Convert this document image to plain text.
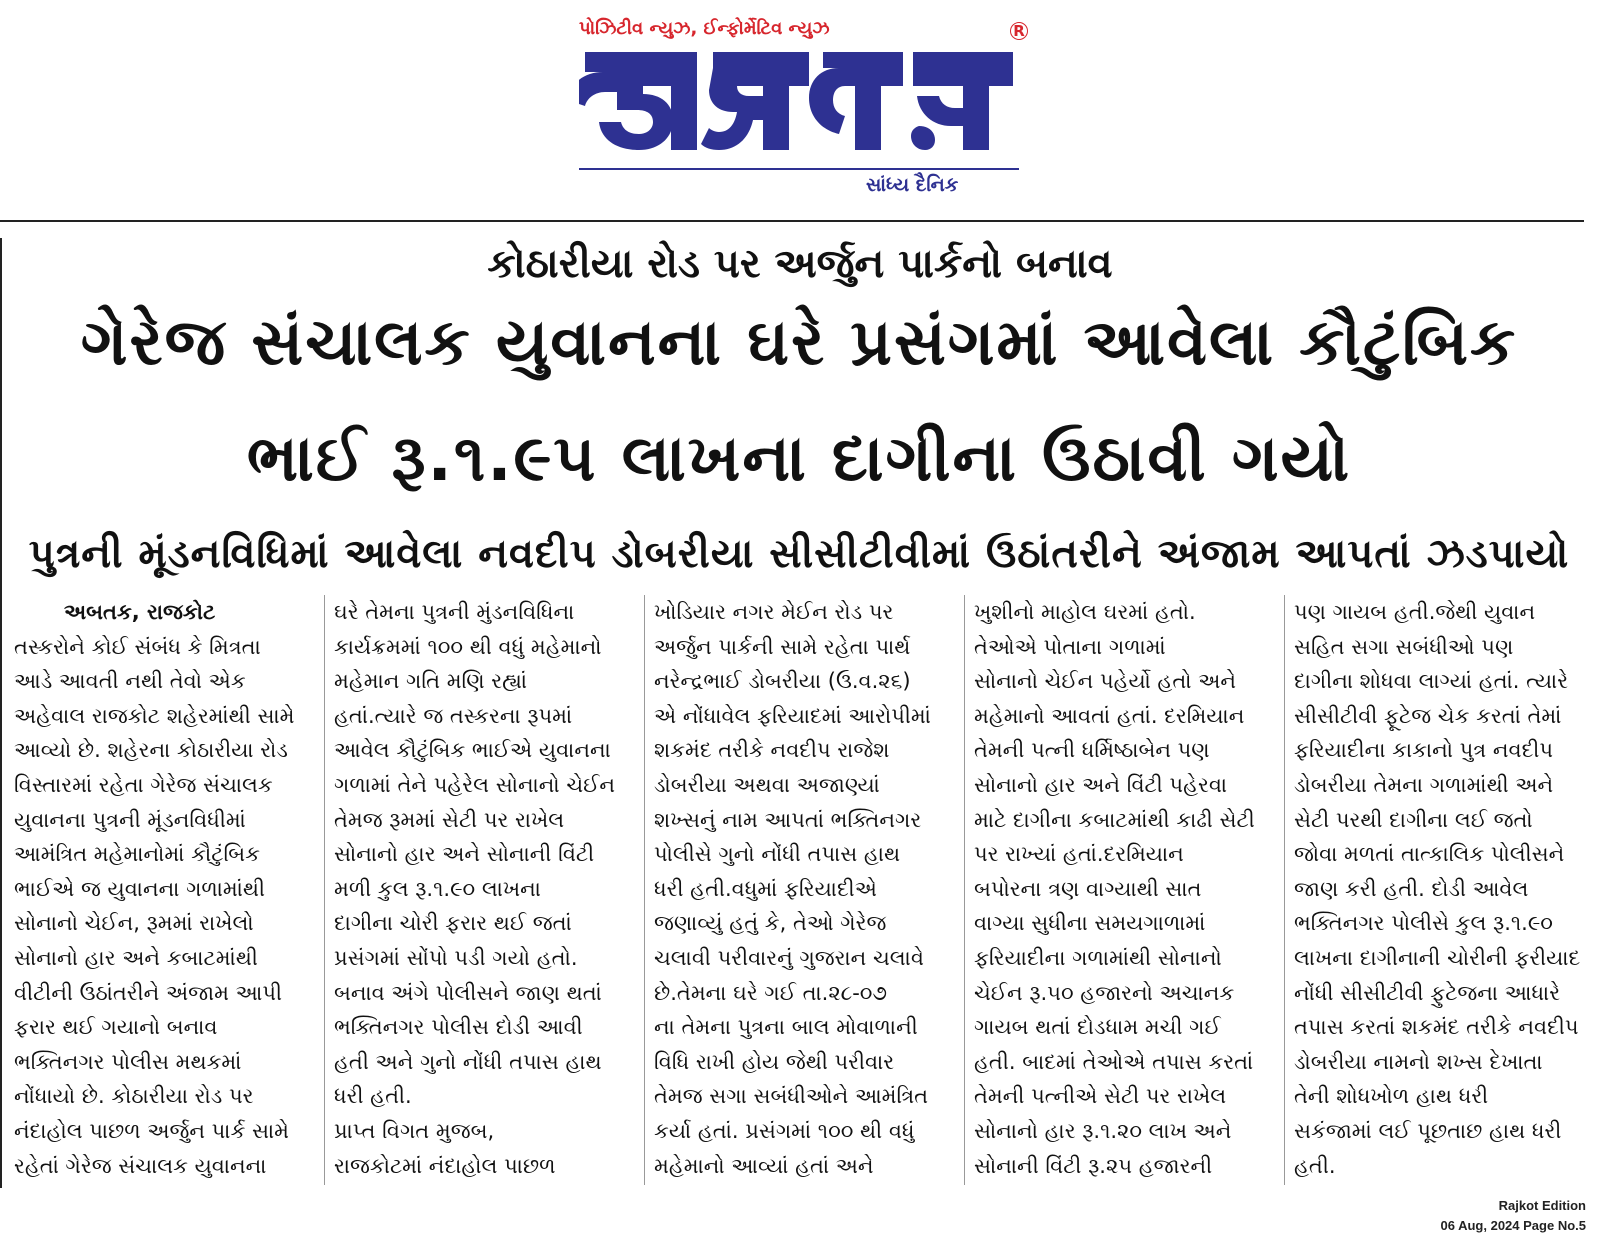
પોઝિટીવ ન્યુઝ, ઈન્ફોર્મેટિવ ન્યુઝ	R
સાંધ્ય દૈનિક
કોઠારીયા રોડ પર અર્જુન પાર્કનો બનાવ
ગેરેજ સંચાલક યુવાનના ઘરે પ્રસંગમાં આવેલા કૌટુંબિક
ભાઈ રૂ.૧.૯૫ લાખના દાગીના ઉઠાવી ગયો
પુત્રની મૂંડનવિધિમાં આવેલા નવદીપ ડોબરીયા સીસીટીવીમાં ઉઠાંતરીને અંજામ આપતાં ઝડપાયો
અબતક, રાજકોટ
તસ્કરોને કોઈ સંબંધ કે મિત્રતા
આડે આવતી નથી તેવો એક
અહેવાલ રાજકોટ શહેરમાંથી સામે
આવ્યો છે. શહેરના કોઠારીયા રોડ
વિસ્તારમાં રહેતા ગેરેજ સંચાલક
યુવાનના પુત્રની મૂંડનવિધીમાં
આમંત્રિત મહેમાનોમાં કૌટુંબિક
ભાઈએ જ યુવાનના ગળામાંથી
સોનાનો ચેઈન, રૂમમાં રાખેલો
સોનાનો હાર અને કબાટમાંથી
વીટીની ઉઠાંતરીને અંજામ આપી
ફરાર થઈ ગયાનો બનાવ
ભક્તિનગર પોલીસ મથકમાં
નોંધાયો છે. કોઠારીયા રોડ પર
નંદાહોલ પાછળ અર્જુન પાર્ક સામે
રહેતાં ગેરેજ સંચાલક યુવાનના
ઘરે તેમના પુત્રની મુંડનવિધિના
કાર્યક્રમમાં ૧૦૦ થી વધું મહેમાનો
મહેમાન ગતિ મણિ રહ્યાં
હતાં.ત્યારે જ તસ્કરના રૂપમાં
આવેલ કૌટુંબિક ભાઈએ યુવાનના
ગળામાં તેને પહેરેલ સોનાનો ચેઈન
તેમજ રૂમમાં સેટી પર રાખેલ
સોનાનો હાર અને સોનાની વિંટી
મળી કુલ રૂ.૧.૯૦ લાખના
દાગીના ચોરી ફરાર થઈ જતાં
પ્રસંગમાં સોંપો પડી ગયો હતો.
બનાવ અંગે પોલીસને જાણ થતાં
ભક્તિનગર પોલીસ દોડી આવી
હતી અને ગુનો નોંધી તપાસ હાથ
ધરી હતી.
પ્રાપ્ત વિગત મુજબ,
રાજકોટમાં નંદાહોલ પાછળ
ખોડિયાર નગર મેઈન રોડ પર
અર્જુન પાર્કની સામે રહેતા પાર્થ
નરેન્દ્રભાઈ ડોબરીયા (ઉ.વ.૨૬)
એ નોંધાવેલ ફરિયાદમાં આરોપીમાં
શકમંદ તરીકે નવદીપ રાજેશ
ડોબરીયા અથવા અજાણ્યાં
શખ્સનું નામ આપતાં ભક્તિનગર
પોલીસે ગુનો નોંધી તપાસ હાથ
ધરી હતી.વધુમાં ફરિયાદીએ
જણાવ્યું હતું કે, તેઓ ગેરેજ
ચલાવી પરીવારનું ગુજરાન ચલાવે
છે.તેમના ઘરે ગઈ તા.૨૮-૦૭
ના તેમના પુત્રના બાલ મોવાળાની
વિધિ રાખી હોય જેથી પરીવાર
તેમજ સગા સબંધીઓને આમંત્રિત
કર્યા હતાં. પ્રસંગમાં ૧૦૦ થી વધું
મહેમાનો આવ્યાં હતાં અને
ખુશીનો માહોલ ઘરમાં હતો.
તેઓએ પોતાના ગળામાં
સોનાનો ચેઈન પહેર્યો હતો અને
મહેમાનો આવતાં હતાં. દરમિયાન
તેમની પત્ની ધર્મિષ્ઠાબેન પણ
સોનાનો હાર અને વિંટી પહેરવા
માટે દાગીના કબાટમાંથી કાઢી સેટી
પર રાખ્યાં હતાં.દરમિયાન
બપોરના ત્રણ વાગ્યાથી સાત
વાગ્યા સુધીના સમયગાળામાં
ફરિયાદીના ગળામાંથી સોનાનો
ચેઈન રૂ.૫૦ હજારનો અચાનક
ગાયબ થતાં દોડધામ મચી ગઈ
હતી. બાદમાં તેઓએ તપાસ કરતાં
તેમની પત્નીએ સેટી પર રાખેલ
સોનાનો હાર રૂ.૧.૨૦ લાખ અને
સોનાની વિંટી રૂ.૨૫ હજારની
પણ ગાયબ હતી.જેથી યુવાન
સહિત સગા સબંધીઓ પણ
દાગીના શોધવા લાગ્યાં હતાં. ત્યારે
સીસીટીવી ફૂટેજ ચેક કરતાં તેમાં
ફરિયાદીના કાકાનો પુત્ર નવદીપ
ડોબરીયા તેમના ગળામાંથી અને
સેટી પરથી દાગીના લઈ જતો
જોવા મળતાં તાત્કાલિક પોલીસને
જાણ કરી હતી. દોડી આવેલ
ભક્તિનગર પોલીસે કુલ રૂ.૧.૯૦
લાખના દાગીનાની ચોરીની ફરીયાદ
નોંધી સીસીટીવી ફુટેજના આધારે
તપાસ કરતાં શકમંદ તરીકે નવદીપ
ડોબરીયા નામનો શખ્સ દેખાતા
તેની શોધખોળ હાથ ધરી
સકંજામાં લઈ પૂછતાછ હાથ ધરી
હતી.
Rajkot Edition
06 Aug, 2024 Page No.5
